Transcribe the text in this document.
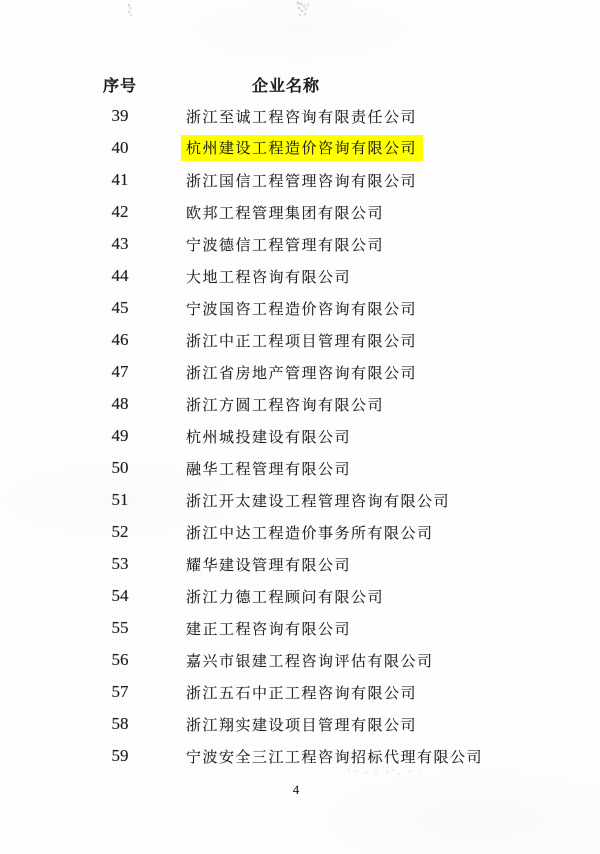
序号	企业名称
39	浙江至诚工程咨询有限责任公司
40	杭州建设工程造价咨询有限公司
41	浙江国信工程管理咨询有限公司
42	欧邦工程管理集团有限公司
43	宁波德信工程管理有限公司
44	大地工程咨询有限公司
45	宁波国咨工程造价咨询有限公司
46	浙江中正工程项目管理有限公司
47	浙江省房地产管理咨询有限公司
48	浙江方圆工程咨询有限公司
49	杭州城投建设有限公司
50	融华工程管理有限公司
51	浙江开太建设工程管理咨询有限公司
52	浙江中达工程造价事务所有限公司
53	耀华建设管理有限公司
54	浙江力德工程顾问有限公司
55	建正工程咨询有限公司
56	嘉兴市银建工程咨询评估有限公司
57	浙江五石中正工程咨询有限公司
58	浙江翔实建设项目管理有限公司
59	宁波安全三江工程咨询招标代理有限公司
4
